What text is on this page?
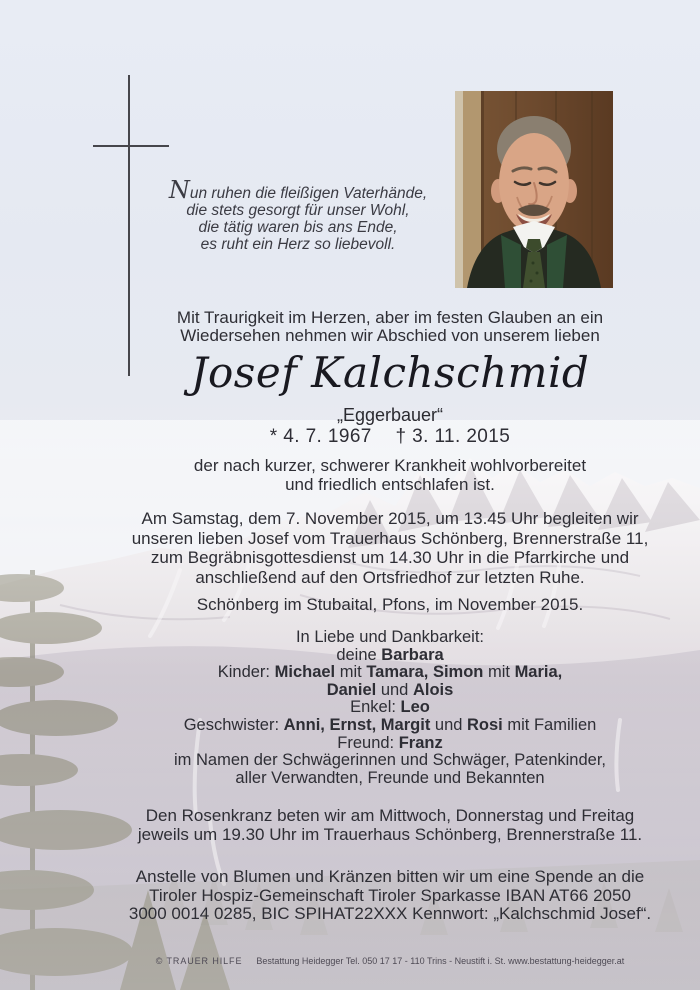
Nun ruhen die fleißigen Vaterhände,
die stets gesorgt für unser Wohl,
die tätig waren bis ans Ende,
es ruht ein Herz so liebevoll.
Mit Traurigkeit im Herzen, aber im festen Glauben an ein
Wiedersehen nehmen wir Abschied von unserem lieben
Josef Kalchschmid
„Eggerbauer“
* 4. 7. 1967 † 3. 11. 2015
der nach kurzer, schwerer Krankheit wohlvorbereitet
und friedlich entschlafen ist.
Am Samstag, dem 7. November 2015, um 13.45 Uhr begleiten wir
unseren lieben Josef vom Trauerhaus Schönberg, Brennerstraße 11,
zum Begräbnisgottesdienst um 14.30 Uhr in die Pfarrkirche und
anschließend auf den Ortsfriedhof zur letzten Ruhe.
Schönberg im Stubaital, Pfons, im November 2015.
In Liebe und Dankbarkeit:
deine Barbara
Kinder: Michael mit Tamara, Simon mit Maria,
Daniel und Alois
Enkel: Leo
Geschwister: Anni, Ernst, Margit und Rosi mit Familien
Freund: Franz
im Namen der Schwägerinnen und Schwäger, Patenkinder,
aller Verwandten, Freunde und Bekannten
Den Rosenkranz beten wir am Mittwoch, Donnerstag und Freitag
jeweils um 19.30 Uhr im Trauerhaus Schönberg, Brennerstraße 11.
Anstelle von Blumen und Kränzen bitten wir um eine Spende an die
Tiroler Hospiz-Gemeinschaft Tiroler Sparkasse IBAN AT66 2050
3000 0014 0285, BIC SPIHAT22XXX Kennwort: „Kalchschmid Josef“.
© TRAUER HILFE Bestattung Heidegger Tel. 050 17 17 - 110 Trins - Neustift i. St. www.bestattung-heidegger.at
